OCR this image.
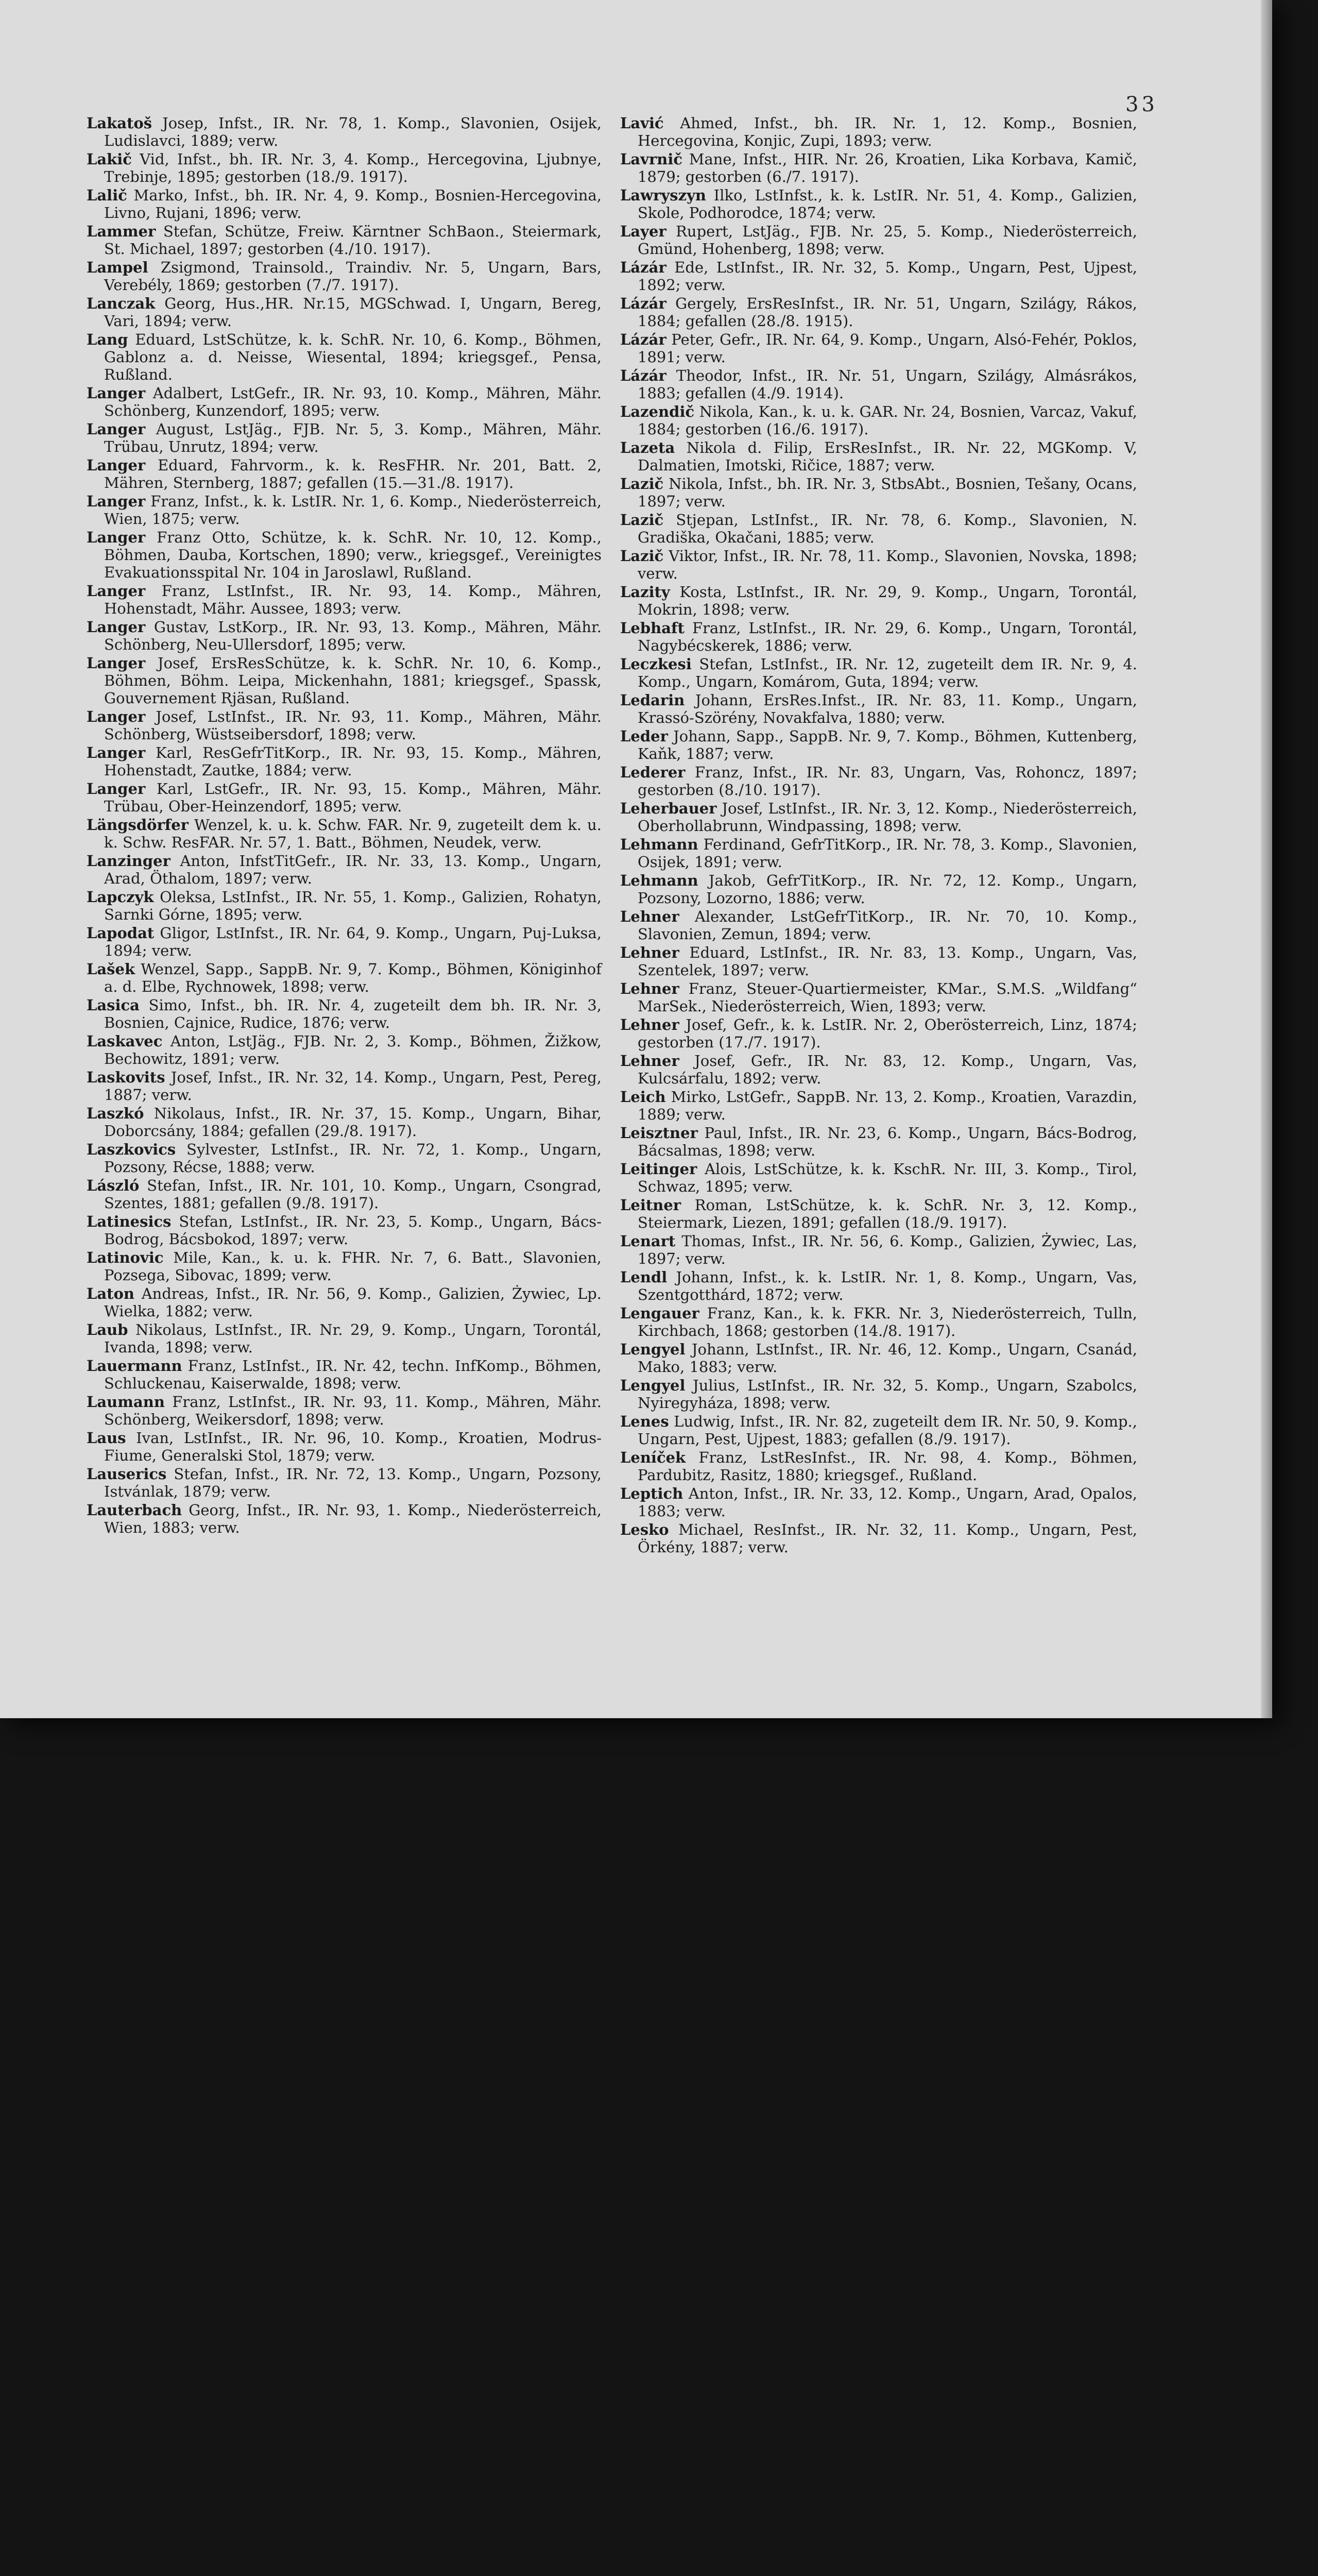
33

Lakatoš Josep, Infst., IR. Nr. 78, 1. Komp., Slavonien, Osijek, Ludislavci, 1889; verw.

Lakič Vid, Infst., bh. IR. Nr. 3, 4. Komp., Hercegovina, Ljubnye, Trebinje, 1895; gestorben (18./9. 1917).

Lalič Marko, Infst., bh. IR. Nr. 4, 9. Komp., Bosnien-Hercegovina, Livno, Rujani, 1896; verw.

Lammer Stefan, Schütze, Freiw. Kärntner SchBaon., Steiermark, St. Michael, 1897; gestorben (4./10. 1917).

Lampel Zsigmond, Trainsold., Traindiv. Nr. 5, Ungarn, Bars, Verebély, 1869; gestorben (7./7. 1917).

Lanczak Georg, Hus.,HR. Nr.15, MGSchwad. I, Ungarn, Bereg, Vari, 1894; verw.

Lang Eduard, LstSchütze, k. k. SchR. Nr. 10, 6. Komp., Böhmen, Gablonz a. d. Neisse, Wiesental, 1894; kriegsgef., Pensa, Rußland.

Langer Adalbert, LstGefr., IR. Nr. 93, 10. Komp., Mähren, Mähr. Schönberg, Kunzendorf, 1895; verw.

Langer August, LstJäg., FJB. Nr. 5, 3. Komp., Mähren, Mähr. Trübau, Unrutz, 1894; verw.

Langer Eduard, Fahrvorm., k. k. ResFHR. Nr. 201, Batt. 2, Mähren, Sternberg, 1887; gefallen (15.—31./8. 1917).

Langer Franz, Infst., k. k. LstIR. Nr. 1, 6. Komp., Niederösterreich, Wien, 1875; verw.

Langer Franz Otto, Schütze, k. k. SchR. Nr. 10, 12. Komp., Böhmen, Dauba, Kortschen, 1890; verw., kriegsgef., Vereinigtes Evakuationsspital Nr. 104 in Jaroslawl, Rußland.

Langer Franz, LstInfst., IR. Nr. 93, 14. Komp., Mähren, Hohenstadt, Mähr. Aussee, 1893; verw.

Langer Gustav, LstKorp., IR. Nr. 93, 13. Komp., Mähren, Mähr. Schönberg, Neu-Ullersdorf, 1895; verw.

Langer Josef, ErsResSchütze, k. k. SchR. Nr. 10, 6. Komp., Böhmen, Böhm. Leipa, Mickenhahn, 1881; kriegsgef., Spassk, Gouvernement Rjäsan, Rußland.

Langer Josef, LstInfst., IR. Nr. 93, 11. Komp., Mähren, Mähr. Schönberg, Wüstseibersdorf, 1898; verw.

Langer Karl, ResGefrTitKorp., IR. Nr. 93, 15. Komp., Mähren, Hohenstadt, Zautke, 1884; verw.

Langer Karl, LstGefr., IR. Nr. 93, 15. Komp., Mähren, Mähr. Trübau, Ober-Heinzendorf, 1895; verw.

Längsdörfer Wenzel, k. u. k. Schw. FAR. Nr. 9, zugeteilt dem k. u. k. Schw. ResFAR. Nr. 57, 1. Batt., Böhmen, Neudek, verw.

Lanzinger Anton, InfstTitGefr., IR. Nr. 33, 13. Komp., Ungarn, Arad, Öthalom, 1897; verw.

Lapczyk Oleksa, LstInfst., IR. Nr. 55, 1. Komp., Galizien, Rohatyn, Sarnki Górne, 1895; verw.

Lapodat Gligor, LstInfst., IR. Nr. 64, 9. Komp., Ungarn, Puj-Luksa, 1894; verw.

Lašek Wenzel, Sapp., SappB. Nr. 9, 7. Komp., Böhmen, Königinhof a. d. Elbe, Rychnowek, 1898; verw.

Lasica Simo, Infst., bh. IR. Nr. 4, zugeteilt dem bh. IR. Nr. 3, Bosnien, Cajnice, Rudice, 1876; verw.

Laskavec Anton, LstJäg., FJB. Nr. 2, 3. Komp., Böhmen, Žižkow, Bechowitz, 1891; verw.

Laskovits Josef, Infst., IR. Nr. 32, 14. Komp., Ungarn, Pest, Pereg, 1887; verw.

Laszkó Nikolaus, Infst., IR. Nr. 37, 15. Komp., Ungarn, Bihar, Doborcsány, 1884; gefallen (29./8. 1917).

Laszkovics Sylvester, LstInfst., IR. Nr. 72, 1. Komp., Ungarn, Pozsony, Récse, 1888; verw.

László Stefan, Infst., IR. Nr. 101, 10. Komp., Ungarn, Csongrad, Szentes, 1881; gefallen (9./8. 1917).

Latinesics Stefan, LstInfst., IR. Nr. 23, 5. Komp., Ungarn, Bács-Bodrog, Bácsbokod, 1897; verw.

Latinovic Mile, Kan., k. u. k. FHR. Nr. 7, 6. Batt., Slavonien, Pozsega, Sibovac, 1899; verw.

Laton Andreas, Infst., IR. Nr. 56, 9. Komp., Galizien, Żywiec, Lp. Wielka, 1882; verw.

Laub Nikolaus, LstInfst., IR. Nr. 29, 9. Komp., Ungarn, Torontál, Ivanda, 1898; verw.

Lauermann Franz, LstInfst., IR. Nr. 42, techn. InfKomp., Böhmen, Schluckenau, Kaiserwalde, 1898; verw.

Laumann Franz, LstInfst., IR. Nr. 93, 11. Komp., Mähren, Mähr. Schönberg, Weikersdorf, 1898; verw.

Laus Ivan, LstInfst., IR. Nr. 96, 10. Komp., Kroatien, Modrus-Fiume, Generalski Stol, 1879; verw.

Lauserics Stefan, Infst., IR. Nr. 72, 13. Komp., Ungarn, Pozsony, Istvánlak, 1879; verw.

Lauterbach Georg, Infst., IR. Nr. 93, 1. Komp., Niederösterreich, Wien, 1883; verw.

Lavić Ahmed, Infst., bh. IR. Nr. 1, 12. Komp., Bosnien, Hercegovina, Konjic, Zupi, 1893; verw.

Lavrnič Mane, Infst., HIR. Nr. 26, Kroatien, Lika Korbava, Kamič, 1879; gestorben (6./7. 1917).

Lawryszyn Ilko, LstInfst., k. k. LstIR. Nr. 51, 4. Komp., Galizien, Skole, Podhorodce, 1874; verw.

Layer Rupert, LstJäg., FJB. Nr. 25, 5. Komp., Niederösterreich, Gmünd, Hohenberg, 1898; verw.

Lázár Ede, LstInfst., IR. Nr. 32, 5. Komp., Ungarn, Pest, Ujpest, 1892; verw.

Lázár Gergely, ErsResInfst., IR. Nr. 51, Ungarn, Szilágy, Rákos, 1884; gefallen (28./8. 1915).

Lázár Peter, Gefr., IR. Nr. 64, 9. Komp., Ungarn, Alsó-Fehér, Poklos, 1891; verw.

Lázár Theodor, Infst., IR. Nr. 51, Ungarn, Szilágy, Almásrákos, 1883; gefallen (4./9. 1914).

Lazendič Nikola, Kan., k. u. k. GAR. Nr. 24, Bosnien, Varcaz, Vakuf, 1884; gestorben (16./6. 1917).

Lazeta Nikola d. Filip, ErsResInfst., IR. Nr. 22, MGKomp. V, Dalmatien, Imotski, Ričice, 1887; verw.

Lazič Nikola, Infst., bh. IR. Nr. 3, StbsAbt., Bosnien, Tešany, Ocans, 1897; verw.

Lazič Stjepan, LstInfst., IR. Nr. 78, 6. Komp., Slavonien, N. Gradiška, Okačani, 1885; verw.

Lazič Viktor, Infst., IR. Nr. 78, 11. Komp., Slavonien, Novska, 1898; verw.

Lazity Kosta, LstInfst., IR. Nr. 29, 9. Komp., Ungarn, Torontál, Mokrin, 1898; verw.

Lebhaft Franz, LstInfst., IR. Nr. 29, 6. Komp., Ungarn, Torontál, Nagybécskerek, 1886; verw.

Leczkesi Stefan, LstInfst., IR. Nr. 12, zugeteilt dem IR. Nr. 9, 4. Komp., Ungarn, Komárom, Guta, 1894; verw.

Ledarin Johann, ErsRes.Infst., IR. Nr. 83, 11. Komp., Ungarn, Krassó-Szörény, Novakfalva, 1880; verw.

Leder Johann, Sapp., SappB. Nr. 9, 7. Komp., Böhmen, Kuttenberg, Kaňk, 1887; verw.

Lederer Franz, Infst., IR. Nr. 83, Ungarn, Vas, Rohoncz, 1897; gestorben (8./10. 1917).

Leherbauer Josef, LstInfst., IR. Nr. 3, 12. Komp., Niederösterreich, Oberhollabrunn, Windpassing, 1898; verw.

Lehmann Ferdinand, GefrTitKorp., IR. Nr. 78, 3. Komp., Slavonien, Osijek, 1891; verw.

Lehmann Jakob, GefrTitKorp., IR. Nr. 72, 12. Komp., Ungarn, Pozsony, Lozorno, 1886; verw.

Lehner Alexander, LstGefrTitKorp., IR. Nr. 70, 10. Komp., Slavonien, Zemun, 1894; verw.

Lehner Eduard, LstInfst., IR. Nr. 83, 13. Komp., Ungarn, Vas, Szentelek, 1897; verw.

Lehner Franz, Steuer-Quartiermeister, KMar., S.M.S. „Wildfang“ MarSek., Niederösterreich, Wien, 1893; verw.

Lehner Josef, Gefr., k. k. LstIR. Nr. 2, Oberösterreich, Linz, 1874; gestorben (17./7. 1917).

Lehner Josef, Gefr., IR. Nr. 83, 12. Komp., Ungarn, Vas, Kulcsárfalu, 1892; verw.

Leich Mirko, LstGefr., SappB. Nr. 13, 2. Komp., Kroatien, Varazdin, 1889; verw.

Leisztner Paul, Infst., IR. Nr. 23, 6. Komp., Ungarn, Bács-Bodrog, Bácsalmas, 1898; verw.

Leitinger Alois, LstSchütze, k. k. KschR. Nr. III, 3. Komp., Tirol, Schwaz, 1895; verw.

Leitner Roman, LstSchütze, k. k. SchR. Nr. 3, 12. Komp., Steiermark, Liezen, 1891; gefallen (18./9. 1917).

Lenart Thomas, Infst., IR. Nr. 56, 6. Komp., Galizien, Żywiec, Las, 1897; verw.

Lendl Johann, Infst., k. k. LstIR. Nr. 1, 8. Komp., Ungarn, Vas, Szentgotthárd, 1872; verw.

Lengauer Franz, Kan., k. k. FKR. Nr. 3, Niederösterreich, Tulln, Kirchbach, 1868; gestorben (14./8. 1917).

Lengyel Johann, LstInfst., IR. Nr. 46, 12. Komp., Ungarn, Csanád, Mako, 1883; verw.

Lengyel Julius, LstInfst., IR. Nr. 32, 5. Komp., Ungarn, Szabolcs, Nyiregyháza, 1898; verw.

Lenes Ludwig, Infst., IR. Nr. 82, zugeteilt dem IR. Nr. 50, 9. Komp., Ungarn, Pest, Ujpest, 1883; gefallen (8./9. 1917).

Leníček Franz, LstResInfst., IR. Nr. 98, 4. Komp., Böhmen, Pardubitz, Rasitz, 1880; kriegsgef., Rußland.

Leptich Anton, Infst., IR. Nr. 33, 12. Komp., Ungarn, Arad, Opalos, 1883; verw.

Lesko Michael, ResInfst., IR. Nr. 32, 11. Komp., Ungarn, Pest, Örkény, 1887; verw.
